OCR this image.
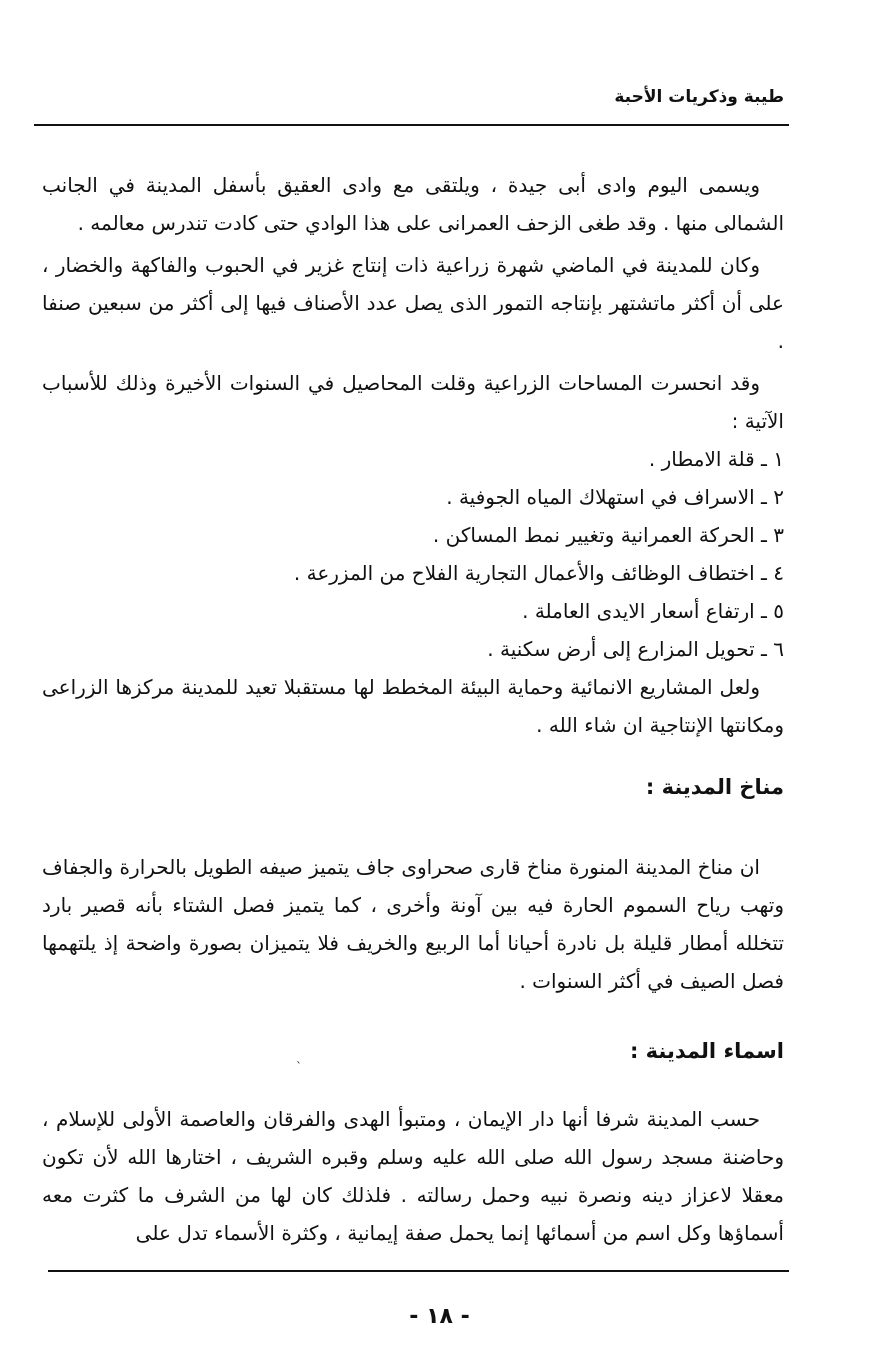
طيبة وذكريات الأحبة

ويسمى اليوم وادى أبى جيدة ، ويلتقى مع وادى العقيق بأسفل المدينة في الجانب الشمالى منها . وقد طغى الزحف العمرانى على هذا الوادي حتى كادت تندرس معالمه .

وكان للمدينة في الماضي شهرة زراعية ذات إنتاج غزير في الحبوب والفاكهة والخضار ، على أن أكثر ماتشتهر بإنتاجه التمور الذى يصل عدد الأصناف فيها إلى أكثر من سبعين صنفا .

وقد انحسرت المساحات الزراعية وقلت المحاصيل في السنوات الأخيرة وذلك للأسباب الآتية :

١ ـ قلة الامطار .
٢ ـ الاسراف في استهلاك المياه الجوفية .
٣ ـ الحركة العمرانية وتغيير نمط المساكن .
٤ ـ اختطاف الوظائف والأعمال التجارية الفلاح من المزرعة .
٥ ـ ارتفاع أسعار الايدى العاملة .
٦ ـ تحويل المزارع إلى أرض سكنية .

ولعل المشاريع الانمائية وحماية البيئة المخطط لها مستقبلا تعيد للمدينة مركزها الزراعى ومكانتها الإنتاجية ان شاء الله .

مناخ المدينة :

ان مناخ المدينة المنورة مناخ قارى صحراوى جاف يتميز صيفه الطويل بالحرارة والجفاف وتهب رياح السموم الحارة فيه بين آونة وأخرى ، كما يتميز فصل الشتاء بأنه قصير بارد تتخلله أمطار قليلة بل نادرة أحيانا أما الربيع والخريف فلا يتميزان بصورة واضحة إذ يلتهمها فصل الصيف في أكثر السنوات .

اسماء المدينة :
ˋ

حسب المدينة شرفا أنها دار الإيمان ، ومتبوأ الهدى والفرقان والعاصمة الأولى للإسلام ، وحاضنة مسجد رسول الله صلى الله عليه وسلم وقبره الشريف ، اختارها الله لأن تكون معقلا لاعزاز دينه ونصرة نبيه وحمل رسالته . فلذلك كان لها من الشرف ما كثرت معه أسماؤها وكل اسم من أسمائها إنما يحمل صفة إيمانية ، وكثرة الأسماء تدل على

- ١٨ -
